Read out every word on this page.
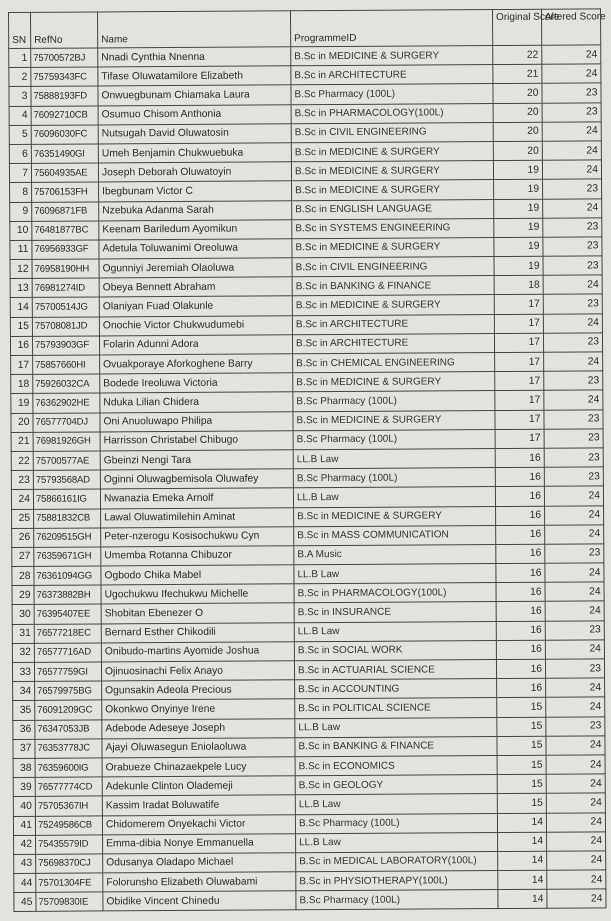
SN	RefNo	Name	ProgrammeID	Original Score	Altered Score
1	75700572BJ	Nnadi Cynthia Nnenna	B.Sc in MEDICINE & SURGERY	22	24
2	75759343FC	Tifase Oluwatamilore Elizabeth	B.Sc in ARCHITECTURE	21	24
3	75888193FD	Onwuegbunam Chiamaka Laura	B.Sc Pharmacy (100L)	20	23
4	76092710CB	Osumuo Chisom Anthonia	B.Sc in PHARMACOLOGY(100L)	20	23
5	76096030FC	Nutsugah David Oluwatosin	B.Sc in CIVIL ENGINEERING	20	24
6	76351490GI	Umeh Benjamin Chukwuebuka	B.Sc in MEDICINE & SURGERY	20	24
7	75604935AE	Joseph Deborah Oluwatoyin	B.Sc in MEDICINE & SURGERY	19	24
8	75706153FH	Ibegbunam Victor C	B.Sc in MEDICINE & SURGERY	19	23
9	76096871FB	Nzebuka Adanma Sarah	B.Sc in ENGLISH LANGUAGE	19	24
10	76481877BC	Keenam Bariledum Ayomikun	B.Sc in SYSTEMS ENGINEERING	19	23
11	76956933GF	Adetula Toluwanimi Oreoluwa	B.Sc in MEDICINE & SURGERY	19	23
12	76958190HH	Ogunniyi Jeremiah Olaoluwa	B.Sc in CIVIL ENGINEERING	19	23
13	76981274ID	Obeya Bennett Abraham	B.Sc in BANKING & FINANCE	18	24
14	75700514JG	Olaniyan Fuad Olakunle	B.Sc in MEDICINE & SURGERY	17	23
15	75708081JD	Onochie Victor Chukwudumebi	B.Sc in ARCHITECTURE	17	24
16	75793903GF	Folarin Adunni Adora	B.Sc in ARCHITECTURE	17	23
17	75857660HI	Ovuakporaye Aforkoghene Barry	B.Sc in CHEMICAL ENGINEERING	17	24
18	75926032CA	Bodede Ireoluwa Victoria	B.Sc in MEDICINE & SURGERY	17	23
19	76362902HE	Nduka Lilian Chidera	B.Sc Pharmacy (100L)	17	24
20	76577704DJ	Oni Anuoluwapo Philipa	B.Sc in MEDICINE & SURGERY	17	23
21	76981926GH	Harrisson Christabel Chibugo	B.Sc Pharmacy (100L)	17	23
22	75700577AE	Gbeinzi Nengi Tara	LL.B Law	16	23
23	75793568AD	Oginni Oluwagbemisola Oluwafey	B.Sc Pharmacy (100L)	16	23
24	75866161IG	Nwanazia Emeka Arnolf	LL.B Law	16	24
25	75881832CB	Lawal Oluwatimilehin Aminat	B.Sc in MEDICINE & SURGERY	16	24
26	76209515GH	Peter-nzerogu Kosisochukwu Cyn	B.Sc in MASS COMMUNICATION	16	24
27	76359671GH	Umemba Rotanna Chibuzor	B.A Music	16	23
28	76361094GG	Ogbodo Chika Mabel	LL.B Law	16	24
29	76373882BH	Ugochukwu Ifechukwu Michelle	B.Sc in PHARMACOLOGY(100L)	16	24
30	76395407EE	Shobitan Ebenezer O	B.Sc in INSURANCE	16	24
31	76577218EC	Bernard Esther Chikodili	LL.B Law	16	23
32	76577716AD	Onibudo-martins Ayomide Joshua	B.Sc in SOCIAL WORK	16	24
33	76577759GI	Ojinuosinachi Felix Anayo	B.Sc in ACTUARIAL SCIENCE	16	23
34	76579975BG	Ogunsakin Adeola Precious	B.Sc in ACCOUNTING	16	24
35	76091209GC	Okonkwo Onyinye Irene	B.Sc in POLITICAL SCIENCE	15	24
36	76347053JB	Adebode Adeseye Joseph	LL.B Law	15	23
37	76353778JC	Ajayi Oluwasegun Eniolaoluwa	B.Sc in BANKING & FINANCE	15	24
38	76359600IG	Orabueze Chinazaekpele Lucy	B.Sc in ECONOMICS	15	24
39	76577774CD	Adekunle Clinton Olademeji	B.Sc in GEOLOGY	15	24
40	75705367IH	Kassim Iradat Boluwatife	LL.B Law	15	24
41	75249586CB	Chidomerem Onyekachi Victor	B.Sc Pharmacy (100L)	14	24
42	75435579ID	Emma-dibia Nonye Emmanuella	LL.B Law	14	24
43	75698370CJ	Odusanya Oladapo Michael	B.Sc in MEDICAL LABORATORY(100L)	14	24
44	75701304FE	Folorunsho Elizabeth Oluwabami	B.Sc in PHYSIOTHERAPY(100L)	14	24
45	75709830IE	Obidike Vincent Chinedu	B.Sc Pharmacy (100L)	14	24
